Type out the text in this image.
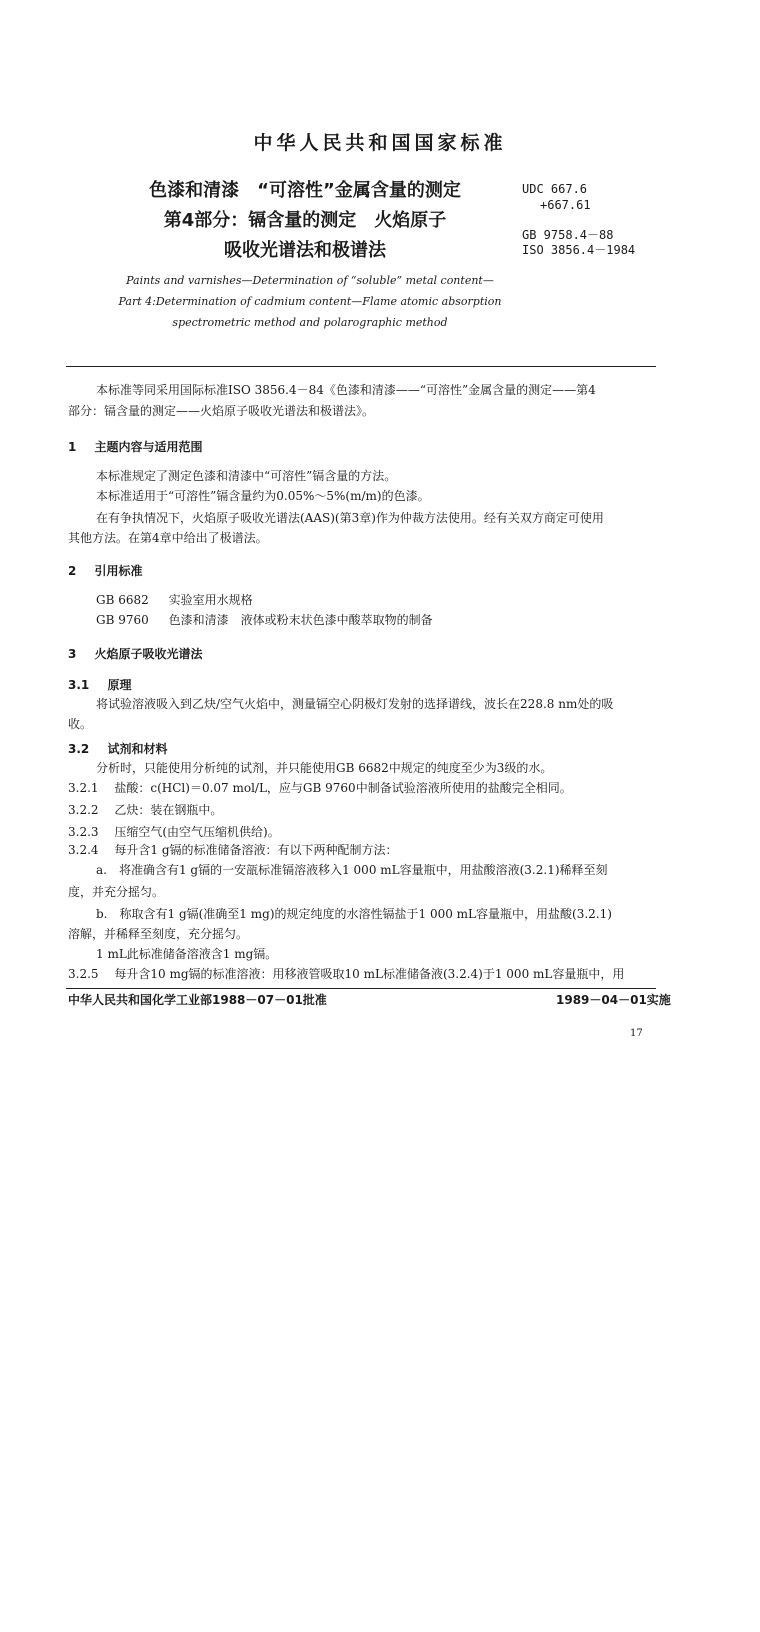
中华人民共和国国家标准
色漆和清漆　“可溶性”金属含量的测定
第4部分：镉含量的测定　火焰原子
吸收光谱法和极谱法
UDC 667.6
+667.61
GB 9758.4－88
ISO 3856.4－1984
Paints and varnishes—Determination of “soluble” metal content—
Part 4:Determination of cadmium content—Flame atomic absorption
spectrometric method and polarographic method
本标准等同采用国际标准ISO 3856.4－84《色漆和清漆——“可溶性”金属含量的测定——第4
部分：镉含量的测定——火焰原子吸收光谱法和极谱法》。
1 主题内容与适用范围
本标准规定了测定色漆和清漆中“可溶性”镉含量的方法。
本标准适用于“可溶性”镉含量约为0.05%～5%(m/m)的色漆。
在有争执情况下，火焰原子吸收光谱法(AAS)(第3章)作为仲裁方法使用。经有关双方商定可使用
其他方法。在第4章中给出了极谱法。
2 引用标准
GB 6682 实验室用水规格
GB 9760 色漆和清漆　液体或粉末状色漆中酸萃取物的制备
3 火焰原子吸收光谱法
3.1 原理
将试验溶液吸入到乙炔/空气火焰中，测量镉空心阴极灯发射的选择谱线，波长在228.8 nm处的吸
收。
3.2 试剂和材料
分析时，只能使用分析纯的试剂，并只能使用GB 6682中规定的纯度至少为3级的水。
3.2.1 盐酸：c(HCl)＝0.07 mol/L，应与GB 9760中制备试验溶液所使用的盐酸完全相同。
3.2.2 乙炔：装在钢瓶中。
3.2.3 压缩空气(由空气压缩机供给)。
3.2.4 每升含1 g镉的标准储备溶液：有以下两种配制方法：
a.　将准确含有1 g镉的一安瓿标准镉溶液移入1 000 mL容量瓶中，用盐酸溶液(3.2.1)稀释至刻
度，并充分摇匀。
b.　称取含有1 g镉(准确至1 mg)的规定纯度的水溶性镉盐于1 000 mL容量瓶中，用盐酸(3.2.1)
溶解，并稀释至刻度，充分摇匀。
1 mL此标准储备溶液含1 mg镉。
3.2.5 每升含10 mg镉的标准溶液：用移液管吸取10 mL标准储备液(3.2.4)于1 000 mL容量瓶中，用
中华人民共和国化学工业部1988－07－01批准	1989－04－01实施
17
